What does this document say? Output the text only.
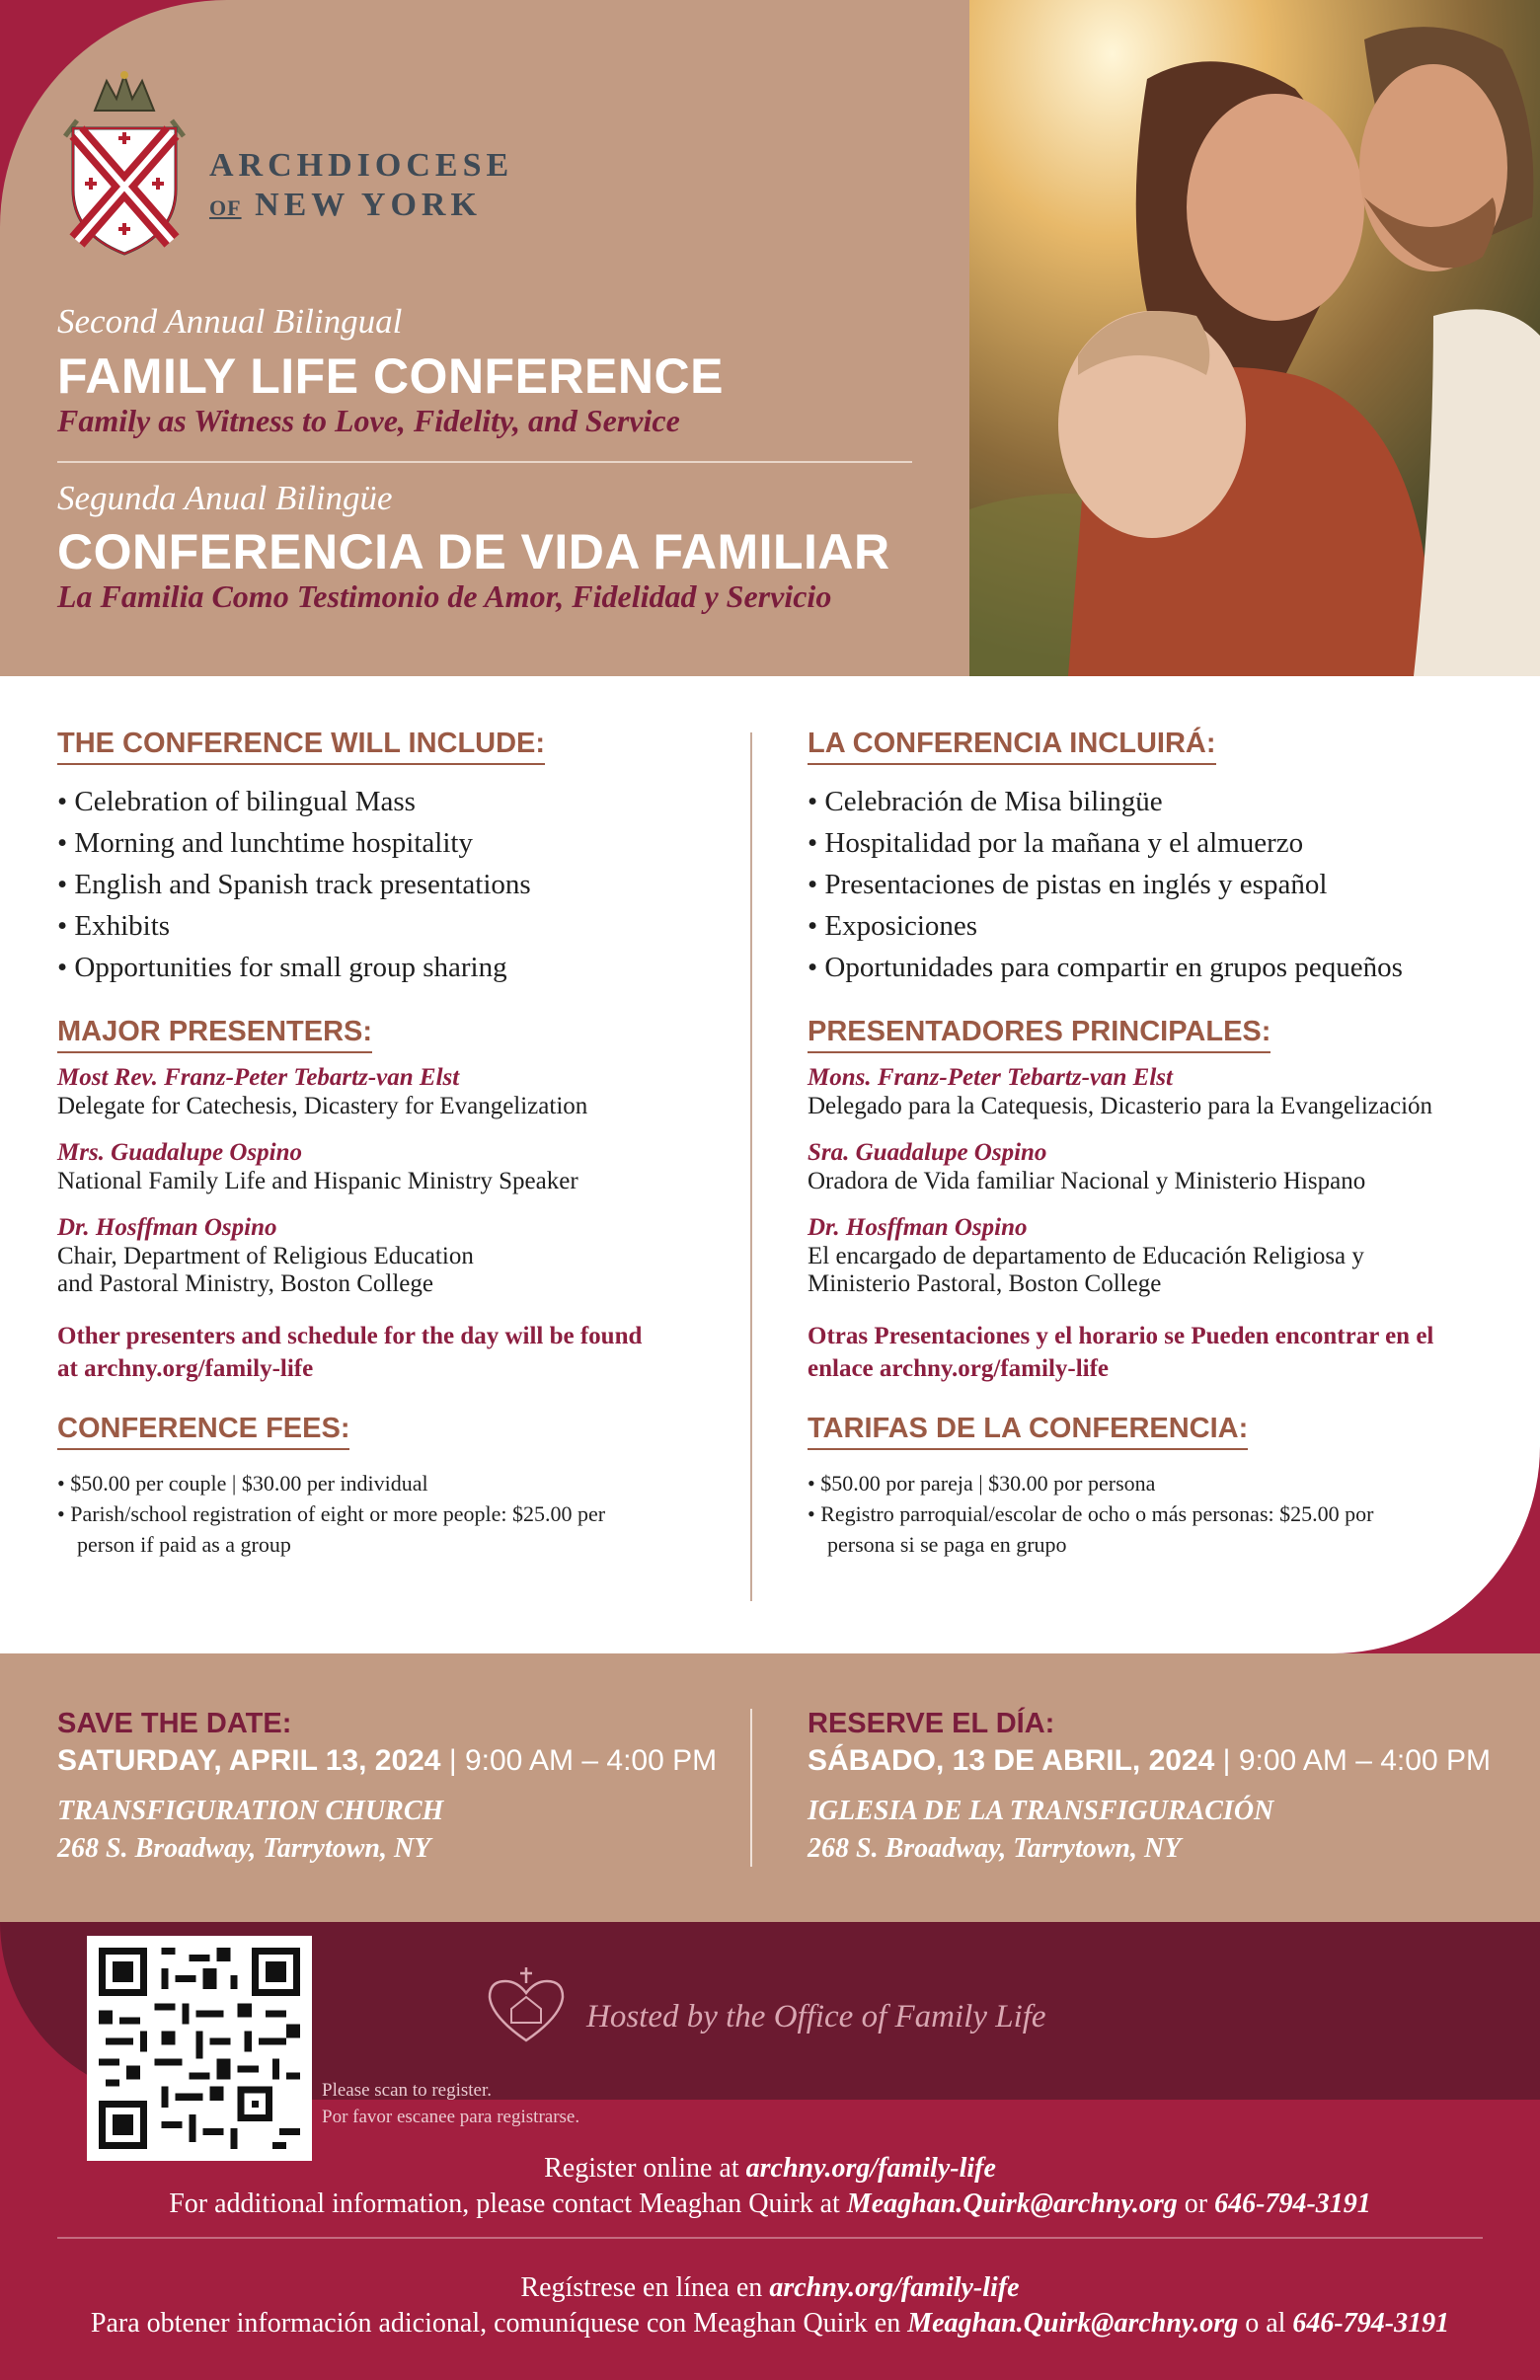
ARCHDIOCESE
OF NEW YORK
Second Annual Bilingual
FAMILY LIFE CONFERENCE
Family as Witness to Love, Fidelity, and Service
Segunda Anual Bilingüe
CONFERENCIA DE VIDA FAMILIAR
La Familia Como Testimonio de Amor, Fidelidad y Servicio
THE CONFERENCE WILL INCLUDE:
• Celebration of bilingual Mass
• Morning and lunchtime hospitality
• English and Spanish track presentations
• Exhibits
• Opportunities for small group sharing
MAJOR PRESENTERS:
Most Rev. Franz-Peter Tebartz-van Elst
Delegate for Catechesis, Dicastery for Evangelization
Mrs. Guadalupe Ospino
National Family Life and Hispanic Ministry Speaker
Dr. Hosffman Ospino
Chair, Department of Religious Education
and Pastoral Ministry, Boston College
Other presenters and schedule for the day will be found at archny.org/family-life
CONFERENCE FEES:
• $50.00 per couple | $30.00 per individual
• Parish/school registration of eight or more people: $25.00 per person if paid as a group
LA CONFERENCIA INCLUIRÁ:
• Celebración de Misa bilingüe
• Hospitalidad por la mañana y el almuerzo
• Presentaciones de pistas en inglés y español
• Exposiciones
• Oportunidades para compartir en grupos pequeños
PRESENTADORES PRINCIPALES:
Mons. Franz-Peter Tebartz-van Elst
Delegado para la Catequesis, Dicasterio para la Evangelización
Sra. Guadalupe Ospino
Oradora de Vida familiar Nacional y Ministerio Hispano
Dr. Hosffman Ospino
El encargado de departamento de Educación Religiosa y
Ministerio Pastoral, Boston College
Otras Presentaciones y el horario se Pueden encontrar en el enlace archny.org/family-life
TARIFAS DE LA CONFERENCIA:
• $50.00 por pareja | $30.00 por persona
• Registro parroquial/escolar de ocho o más personas: $25.00 por persona si se paga en grupo
SAVE THE DATE:
SATURDAY, APRIL 13, 2024 | 9:00 AM – 4:00 PM
TRANSFIGURATION CHURCH
268 S. Broadway, Tarrytown, NY
RESERVE EL DÍA:
SÁBADO, 13 DE ABRIL, 2024 | 9:00 AM – 4:00 PM
IGLESIA DE LA TRANSFIGURACIÓN
268 S. Broadway, Tarrytown, NY
Please scan to register.
Por favor escanee para registrarse.
Hosted by the Office of Family Life
Register online at archny.org/family-life
For additional information, please contact Meaghan Quirk at Meaghan.Quirk@archny.org or 646-794-3191
Regístrese en línea en archny.org/family-life
Para obtener información adicional, comuníquese con Meaghan Quirk en Meaghan.Quirk@archny.org o al 646-794-3191
